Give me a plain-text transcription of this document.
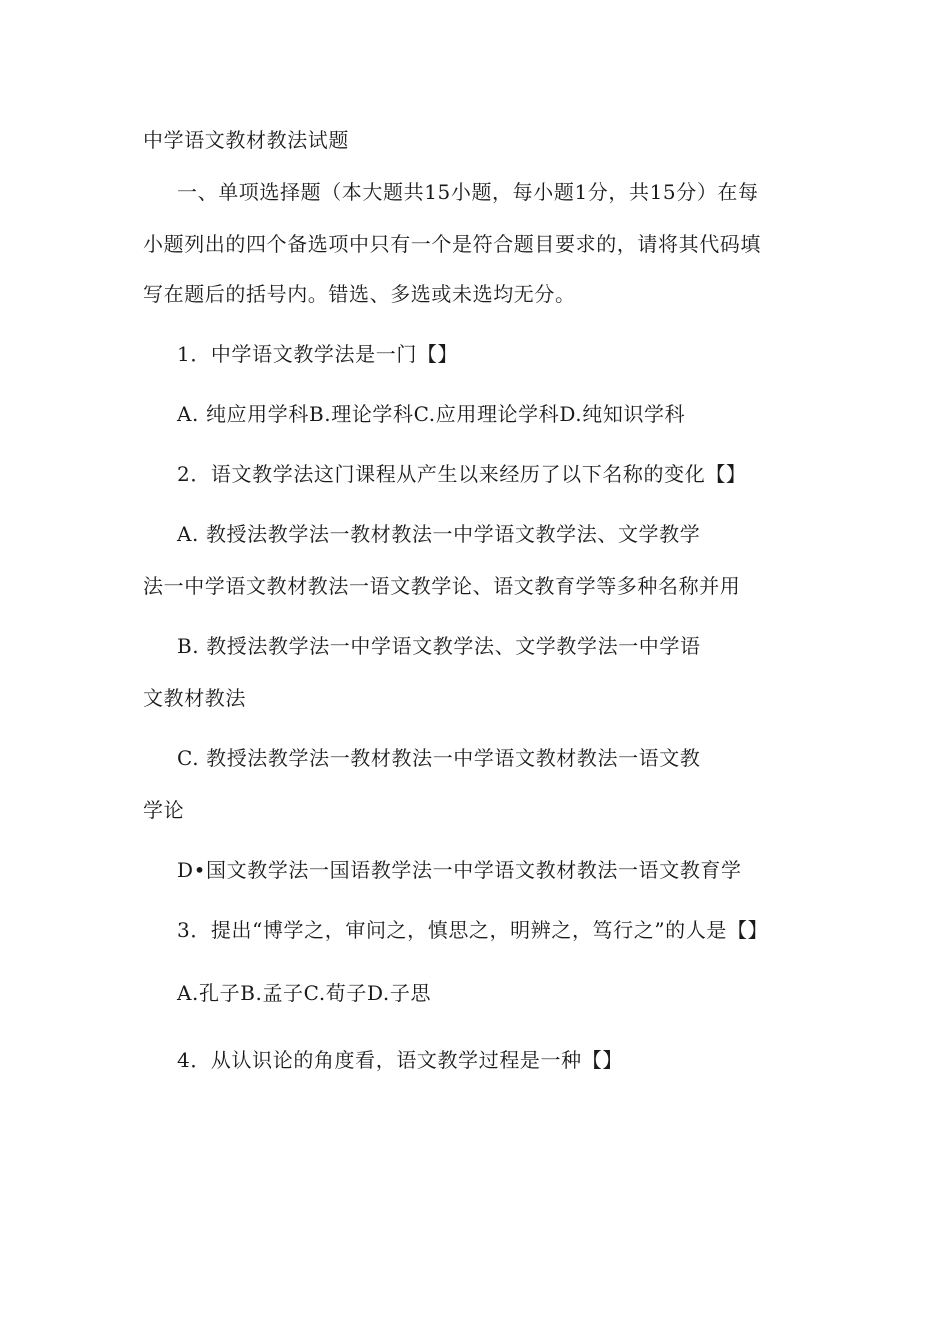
中学语文教材教法试题
一、单项选择题（本大题共15小题，每小题1分，共15分）在每
小题列出的四个备选项中只有一个是符合题目要求的，请将其代码填
写在题后的括号内。错选、多选或未选均无分。
1．中学语文教学法是一门【】
A. 纯应用学科B.理论学科C.应用理论学科D.纯知识学科
2．语文教学法这门课程从产生以来经历了以下名称的变化【】
A. 教授法教学法一教材教法一中学语文教学法、文学教学
法一中学语文教材教法一语文教学论、语文教育学等多种名称并用
B. 教授法教学法一中学语文教学法、文学教学法一中学语
文教材教法
C. 教授法教学法一教材教法一中学语文教材教法一语文教
学论
D•国文教学法一国语教学法一中学语文教材教法一语文教育学
3．提出“博学之，审问之，慎思之，明辨之，笃行之”的人是【】
A.孔子B.孟子C.荀子D.子思
4．从认识论的角度看，语文教学过程是一种【】
